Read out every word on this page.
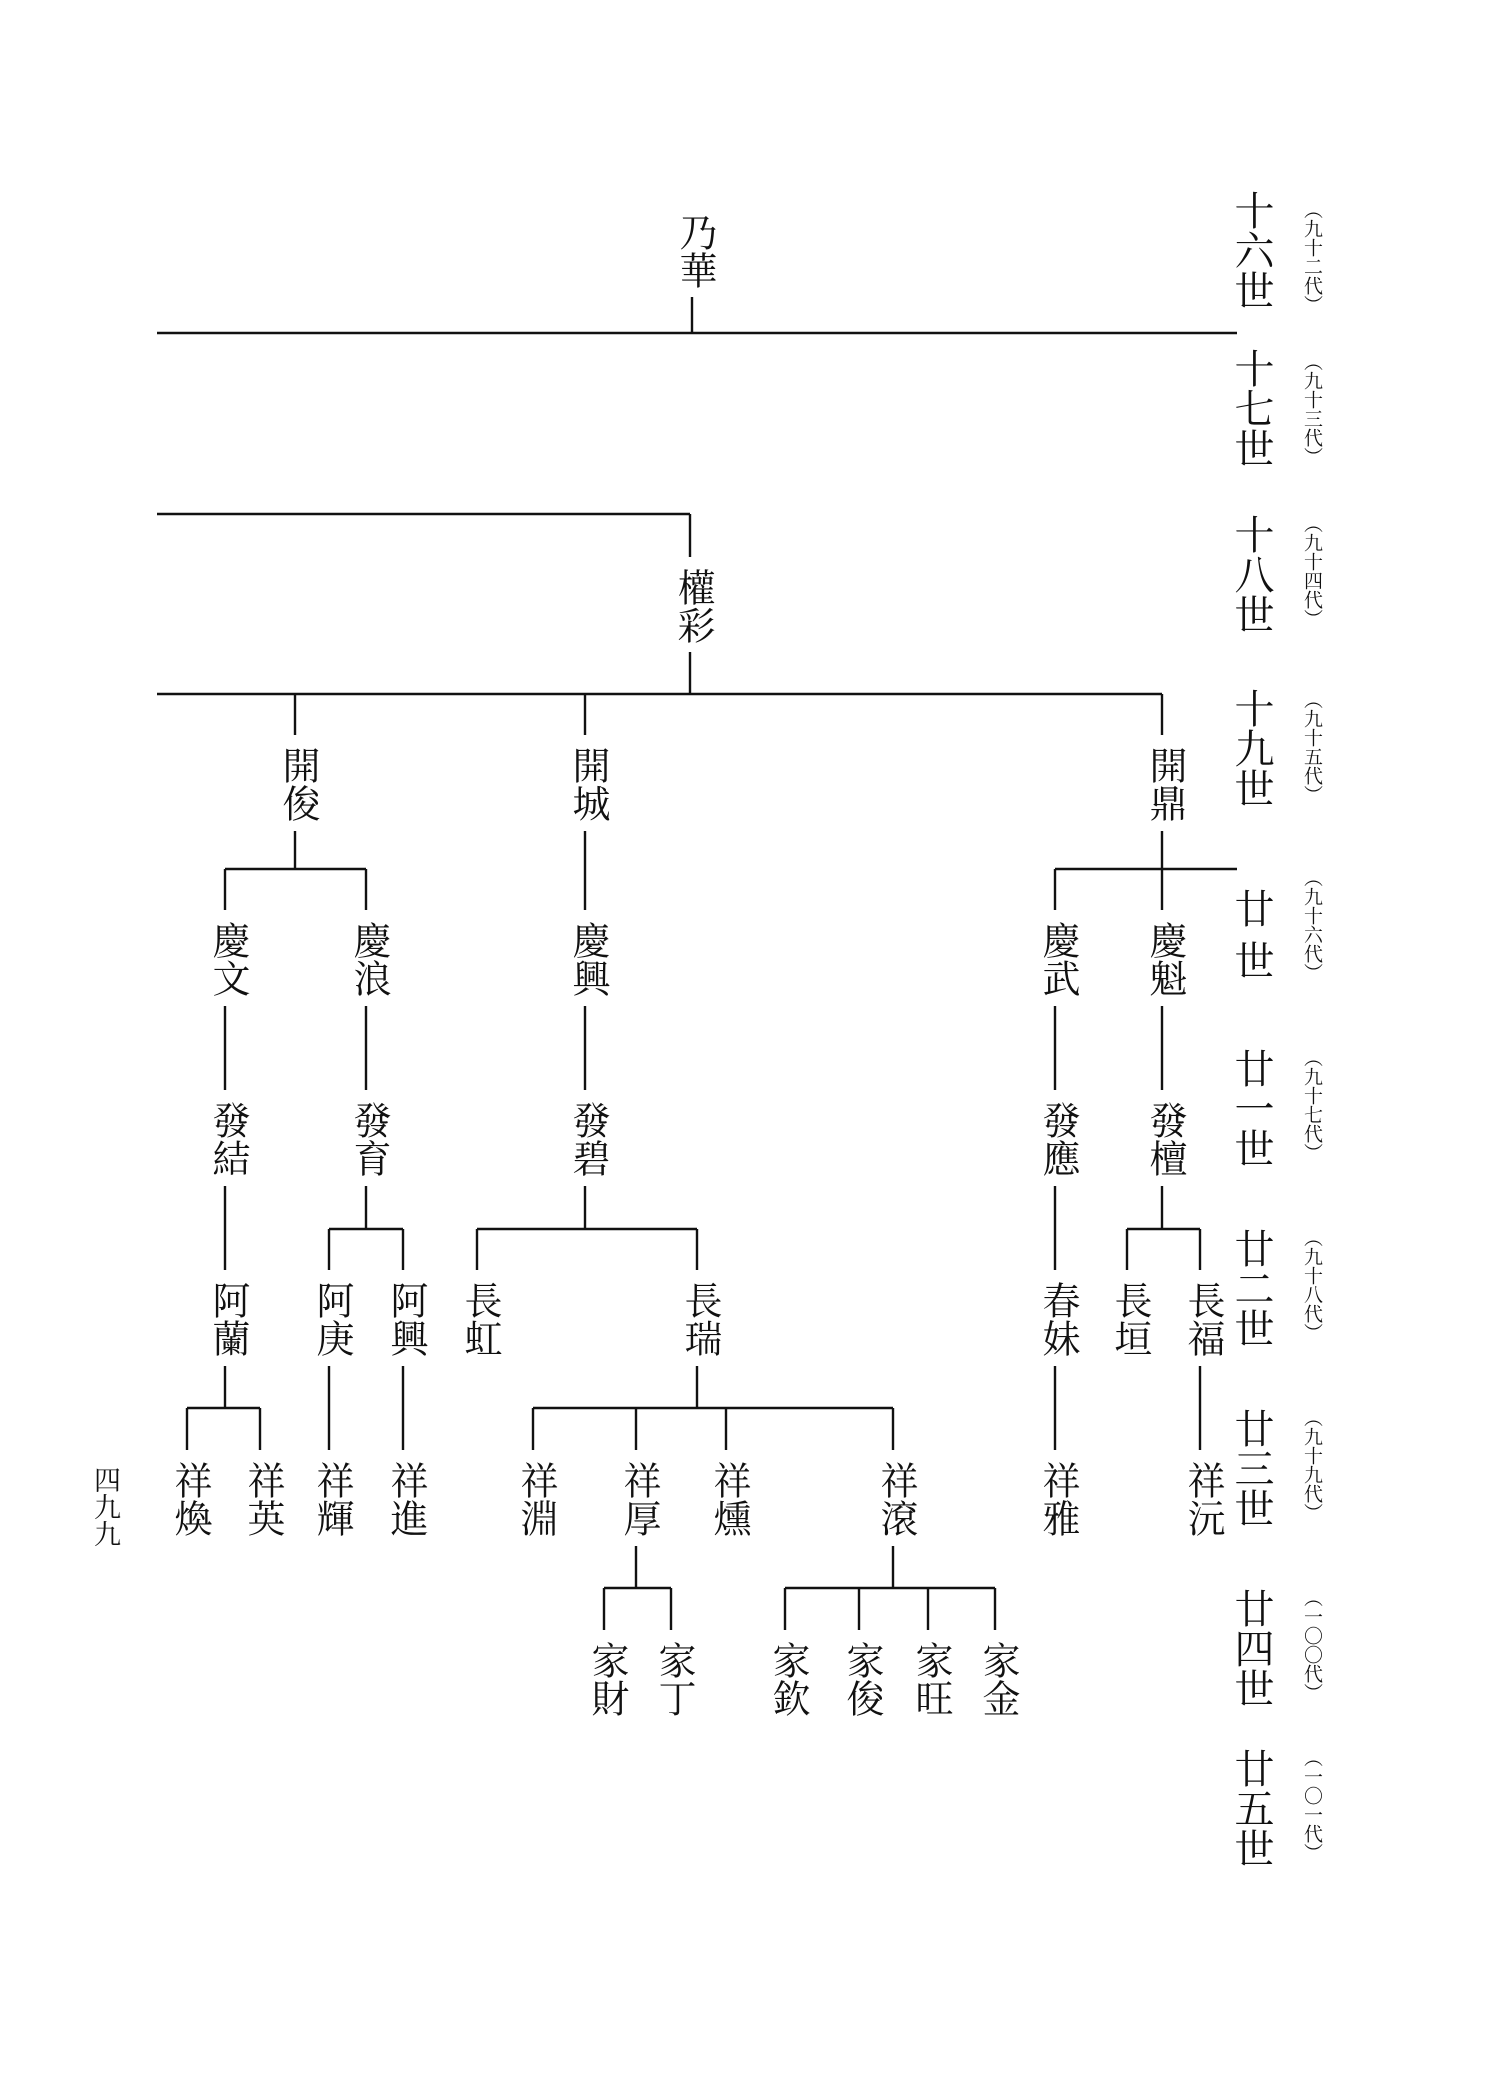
乃華
權彩
開俊	開城	開鼎
慶文	慶浪	慶興	慶武 慶魁
發結	發育	發碧	發應 發檀
阿蘭 阿庚 阿興 長虹	長瑞	春妹 長垣 長福
祥煥 祥英 祥輝 祥進 祥淵 祥厚 祥燻	祥滾	祥雅	祥沅
家財 家丁 家欽 家俊 家旺 家金
十六世 （九十二代）
十七世 （九十三代）
十八世 （九十四代）
十九世 （九十五代）
廿世 （九十六代）
廿一世 （九十七代）
廿二世 （九十八代）
廿三世 （九十九代）
廿四世 （一〇〇代）
廿五世 （一〇一代）
四九九
